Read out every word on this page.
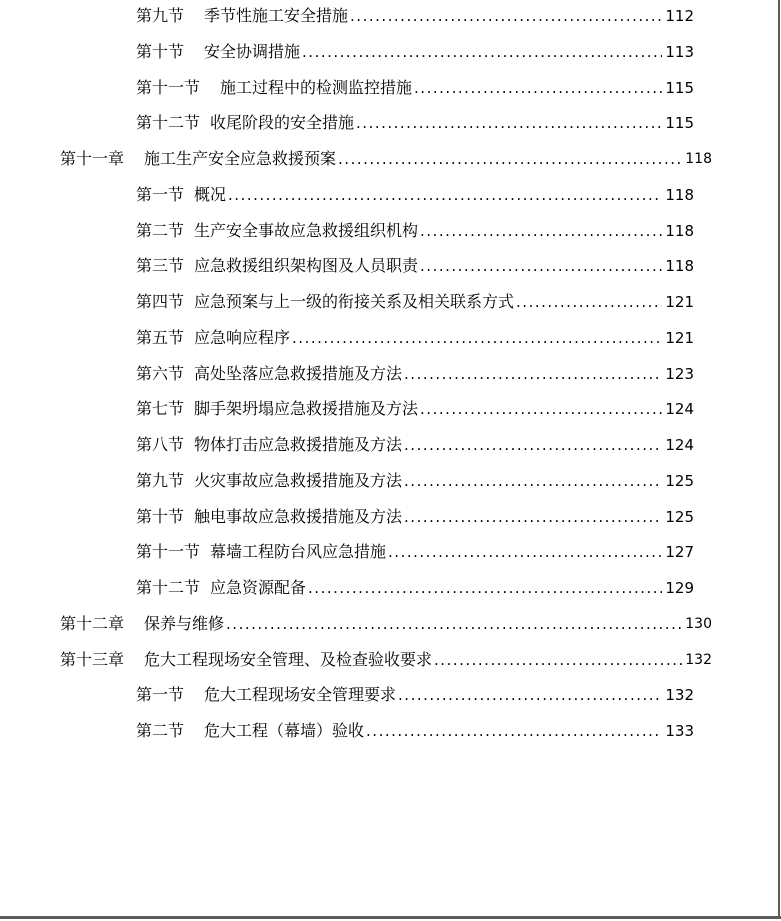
第九节 季节性施工安全措施 .....	112
第十节 安全协调措施 .....	113
第十一节 施工过程中的检测监控措施 .....	115
第十二节 收尾阶段的安全措施 .....	115
第十一章 施工生产安全应急救援预案 .....	118
第一节 概况 .....	118
第二节 生产安全事故应急救援组织机构 .....	118
第三节 应急救援组织架构图及人员职责 .....	118
第四节 应急预案与上一级的衔接关系及相关联系方式 .....	121
第五节 应急响应程序 .....	121
第六节 高处坠落应急救援措施及方法 .....	123
第七节 脚手架坍塌应急救援措施及方法 .....	124
第八节 物体打击应急救援措施及方法 .....	124
第九节 火灾事故应急救援措施及方法 .....	125
第十节 触电事故应急救援措施及方法 .....	125
第十一节 幕墙工程防台风应急措施 .....	127
第十二节 应急资源配备 .....	129
第十二章 保养与维修 .....	130
第十三章 危大工程现场安全管理、及检查验收要求 .....	132
第一节 危大工程现场安全管理要求 .....	132
第二节 危大工程（幕墙）验收 .....	133
